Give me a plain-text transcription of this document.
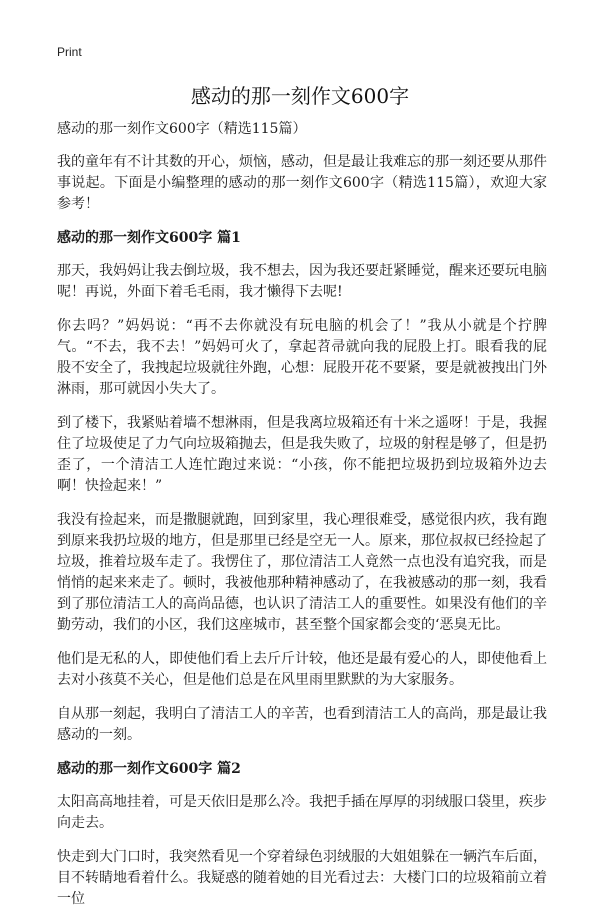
Print
感动的那一刻作文600字

感动的那一刻作文600字（精选115篇）

我的童年有不计其数的开心，烦恼，感动，但是最让我难忘的那一刻还要从那件事说起。下面是小编整理的感动的那一刻作文600字（精选115篇），欢迎大家参考！

感动的那一刻作文600字 篇1

那天，我妈妈让我去倒垃圾，我不想去，因为我还要赶紧睡觉，醒来还要玩电脑呢！再说，外面下着毛毛雨，我才懒得下去呢!

你去吗？”妈妈说：“再不去你就没有玩电脑的机会了！”我从小就是个拧脾气。“不去，我不去！”妈妈可火了，拿起苕帚就向我的屁股上打。眼看我的屁股不安全了，我拽起垃圾就往外跑，心想：屁股开花不要紧，要是就被拽出门外淋雨，那可就因小失大了。

到了楼下，我紧贴着墙不想淋雨，但是我离垃圾箱还有十米之遥呀！于是，我握住了垃圾使足了力气向垃圾箱抛去，但是我失败了，垃圾的射程是够了，但是扔歪了，一个清洁工人连忙跑过来说：“小孩，你不能把垃圾扔到垃圾箱外边去啊！快捡起来！”

我没有捡起来，而是撒腿就跑，回到家里，我心理很难受，感觉很内疚，我有跑到原来我扔垃圾的地方，但是那里已经是空无一人。原来，那位叔叔已经捡起了垃圾，推着垃圾车走了。我愣住了，那位清洁工人竟然一点也没有追究我，而是悄悄的起来来走了。顿时，我被他那种精神感动了，在我被感动的那一刻，我看到了那位清洁工人的高尚品德，也认识了清洁工人的重要性。如果没有他们的辛勤劳动，我们的小区，我们这座城市，甚至整个国家都会变的‘恶臭无比。

他们是无私的人，即使他们看上去斤斤计较，他还是最有爱心的人，即使他看上去对小孩莫不关心，但是他们总是在风里雨里默默的为大家服务。

自从那一刻起，我明白了清洁工人的辛苦，也看到清洁工人的高尚，那是最让我感动的一刻。

感动的那一刻作文600字 篇2

太阳高高地挂着，可是天依旧是那么冷。我把手插在厚厚的羽绒服口袋里，疾步向走去。

快走到大门口时，我突然看见一个穿着绿色羽绒服的大姐姐躲在一辆汽车后面，目不转睛地看着什么。我疑惑的随着她的目光看过去：大楼门口的垃圾箱前立着一位
